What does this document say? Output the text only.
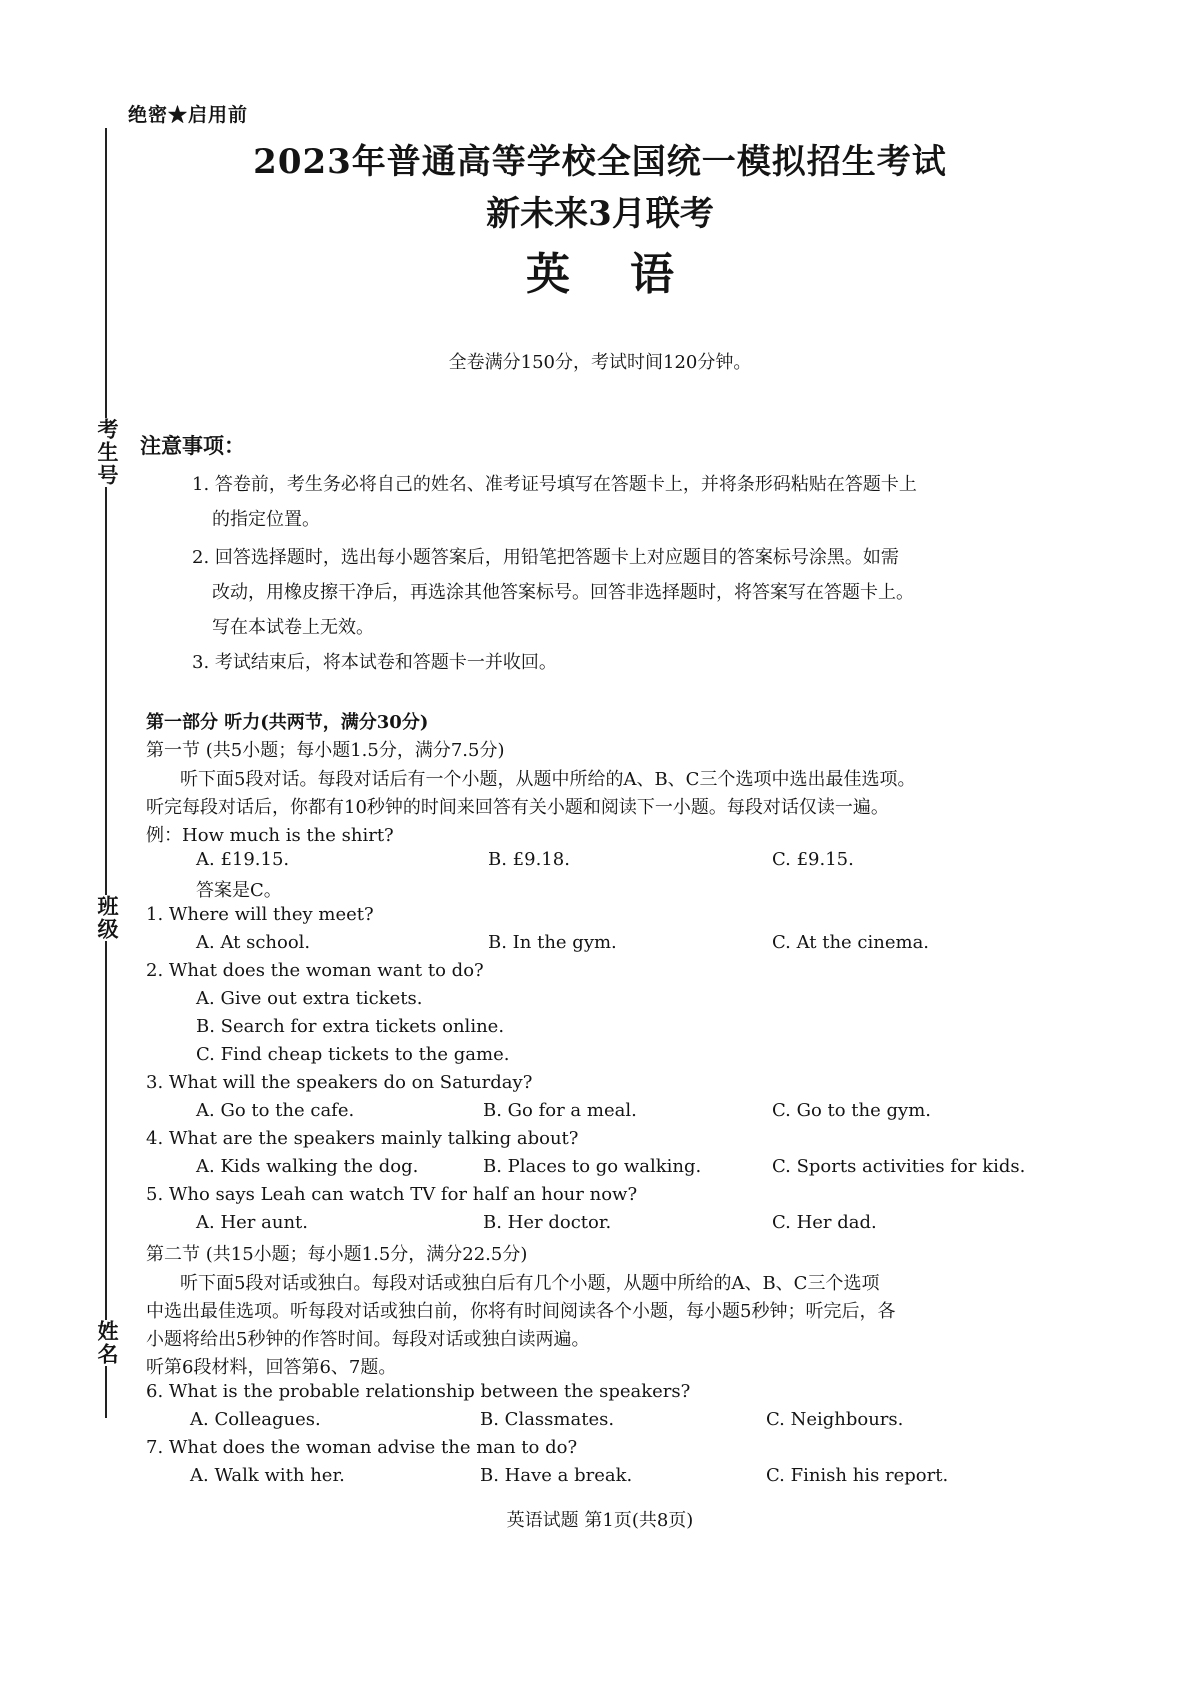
考生号
班级
姓名
绝密★启用前
2023年普通高等学校全国统一模拟招生考试
新未来3月联考
英语
全卷满分150分，考试时间120分钟。
注意事项：
1. 答卷前，考生务必将自己的姓名、准考证号填写在答题卡上，并将条形码粘贴在答题卡上
的指定位置。
2. 回答选择题时，选出每小题答案后，用铅笔把答题卡上对应题目的答案标号涂黑。如需
改动，用橡皮擦干净后，再选涂其他答案标号。回答非选择题时，将答案写在答题卡上。
写在本试卷上无效。
3. 考试结束后，将本试卷和答题卡一并收回。
第一部分 听力(共两节，满分30分)
第一节 (共5小题；每小题1.5分，满分7.5分)
听下面5段对话。每段对话后有一个小题，从题中所给的A、B、C三个选项中选出最佳选项。
听完每段对话后，你都有10秒钟的时间来回答有关小题和阅读下一小题。每段对话仅读一遍。
例：How much is the shirt?
A. £19.15.	B. £9.18.	C. £9.15.
答案是C。
1. Where will they meet?
A. At school.	B. In the gym.	C. At the cinema.
2. What does the woman want to do?
A. Give out extra tickets.
B. Search for extra tickets online.
C. Find cheap tickets to the game.
3. What will the speakers do on Saturday?
A. Go to the cafe.	B. Go for a meal.	C. Go to the gym.
4. What are the speakers mainly talking about?
A. Kids walking the dog.	B. Places to go walking.	C. Sports activities for kids.
5. Who says Leah can watch TV for half an hour now?
A. Her aunt.	B. Her doctor.	C. Her dad.
第二节 (共15小题；每小题1.5分，满分22.5分)
听下面5段对话或独白。每段对话或独白后有几个小题，从题中所给的A、B、C三个选项
中选出最佳选项。听每段对话或独白前，你将有时间阅读各个小题，每小题5秒钟；听完后，各
小题将给出5秒钟的作答时间。每段对话或独白读两遍。
听第6段材料，回答第6、7题。
6. What is the probable relationship between the speakers?
A. Colleagues.	B. Classmates.	C. Neighbours.
7. What does the woman advise the man to do?
A. Walk with her.	B. Have a break.	C. Finish his report.
英语试题 第1页(共8页)
